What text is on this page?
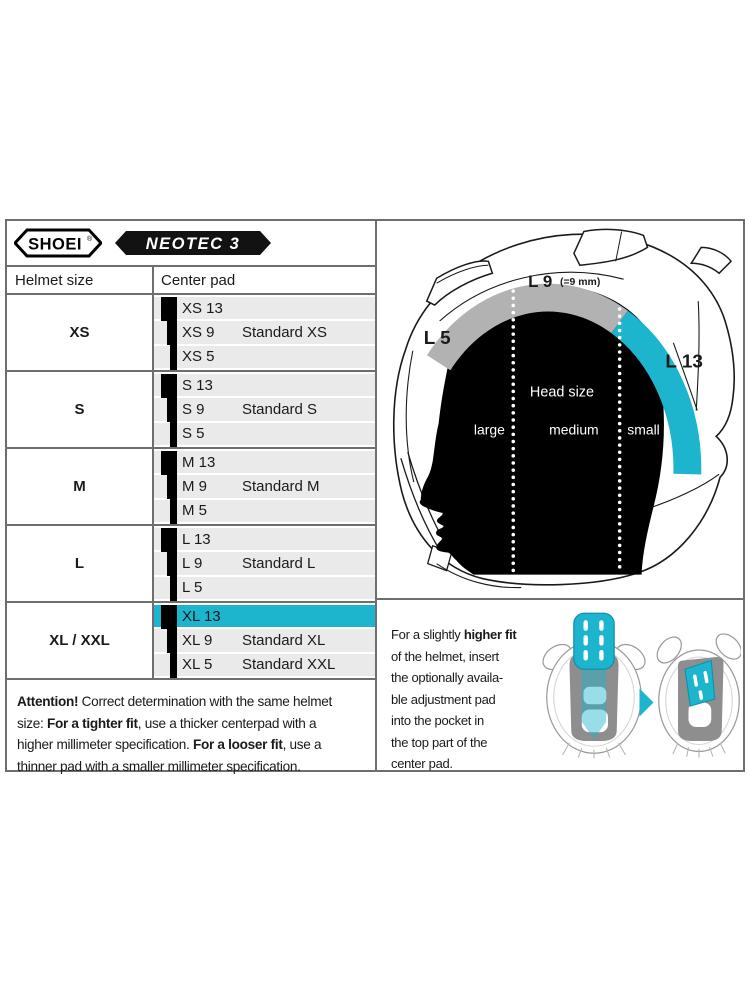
SHOEI ®	NEOTEC 3
Helmet size	Center pad
XS
XS 13
XS 9 Standard XS
XS 5
S
S 13
S 9 Standard S
S 5
M
M 13
M 9 Standard M
M 5
L
L 13
L 9	Standard L
L 5
XL / XXL
XL 13
XL 9 Standard XL
XL 5 Standard XXL
Attention! Correct determination with the same helmet
size: For a tighter fit, use a thicker centerpad with a
higher millimeter specification. For a looser fit, use a
thinner pad with a smaller millimeter specification.
L 9 (=9 mm)
L 5
L 13
Head size
large	medium small
For a slightly higher fit
of the helmet, insert
the optionally availa-
ble adjustment pad
into the pocket in
the top part of the
center pad.
